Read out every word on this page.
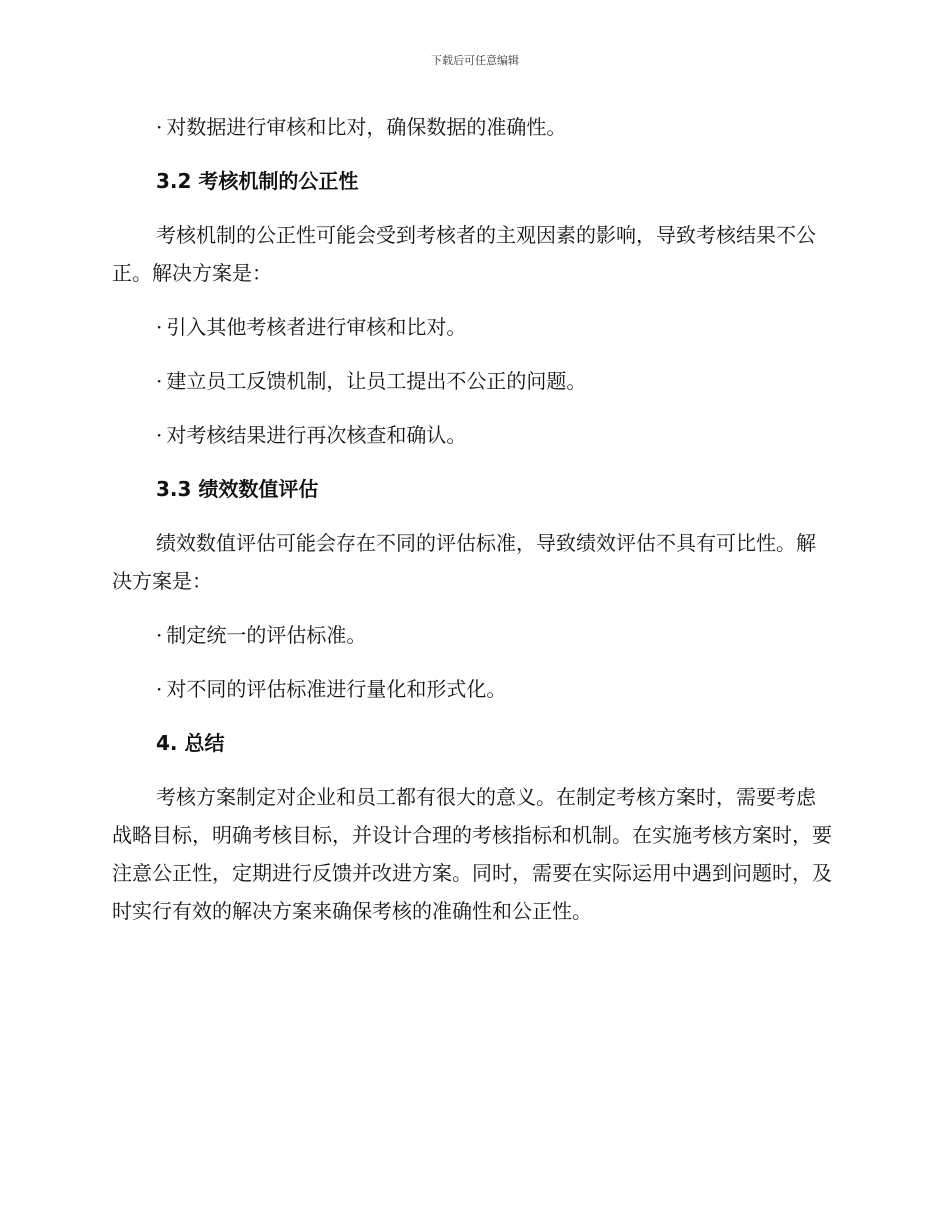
下载后可任意编辑
· 对数据进行审核和比对，确保数据的准确性。
3.2 考核机制的公正性
考核机制的公正性可能会受到考核者的主观因素的影响，导致考核结果不公正。解决方案是：
· 引入其他考核者进行审核和比对。
· 建立员工反馈机制，让员工提出不公正的问题。
· 对考核结果进行再次核查和确认。
3.3 绩效数值评估
绩效数值评估可能会存在不同的评估标准，导致绩效评估不具有可比性。解决方案是：
· 制定统一的评估标准。
· 对不同的评估标准进行量化和形式化。
4. 总结
考核方案制定对企业和员工都有很大的意义。在制定考核方案时，需要考虑战略目标，明确考核目标，并设计合理的考核指标和机制。在实施考核方案时，要注意公正性，定期进行反馈并改进方案。同时，需要在实际运用中遇到问题时，及时实行有效的解决方案来确保考核的准确性和公正性。
